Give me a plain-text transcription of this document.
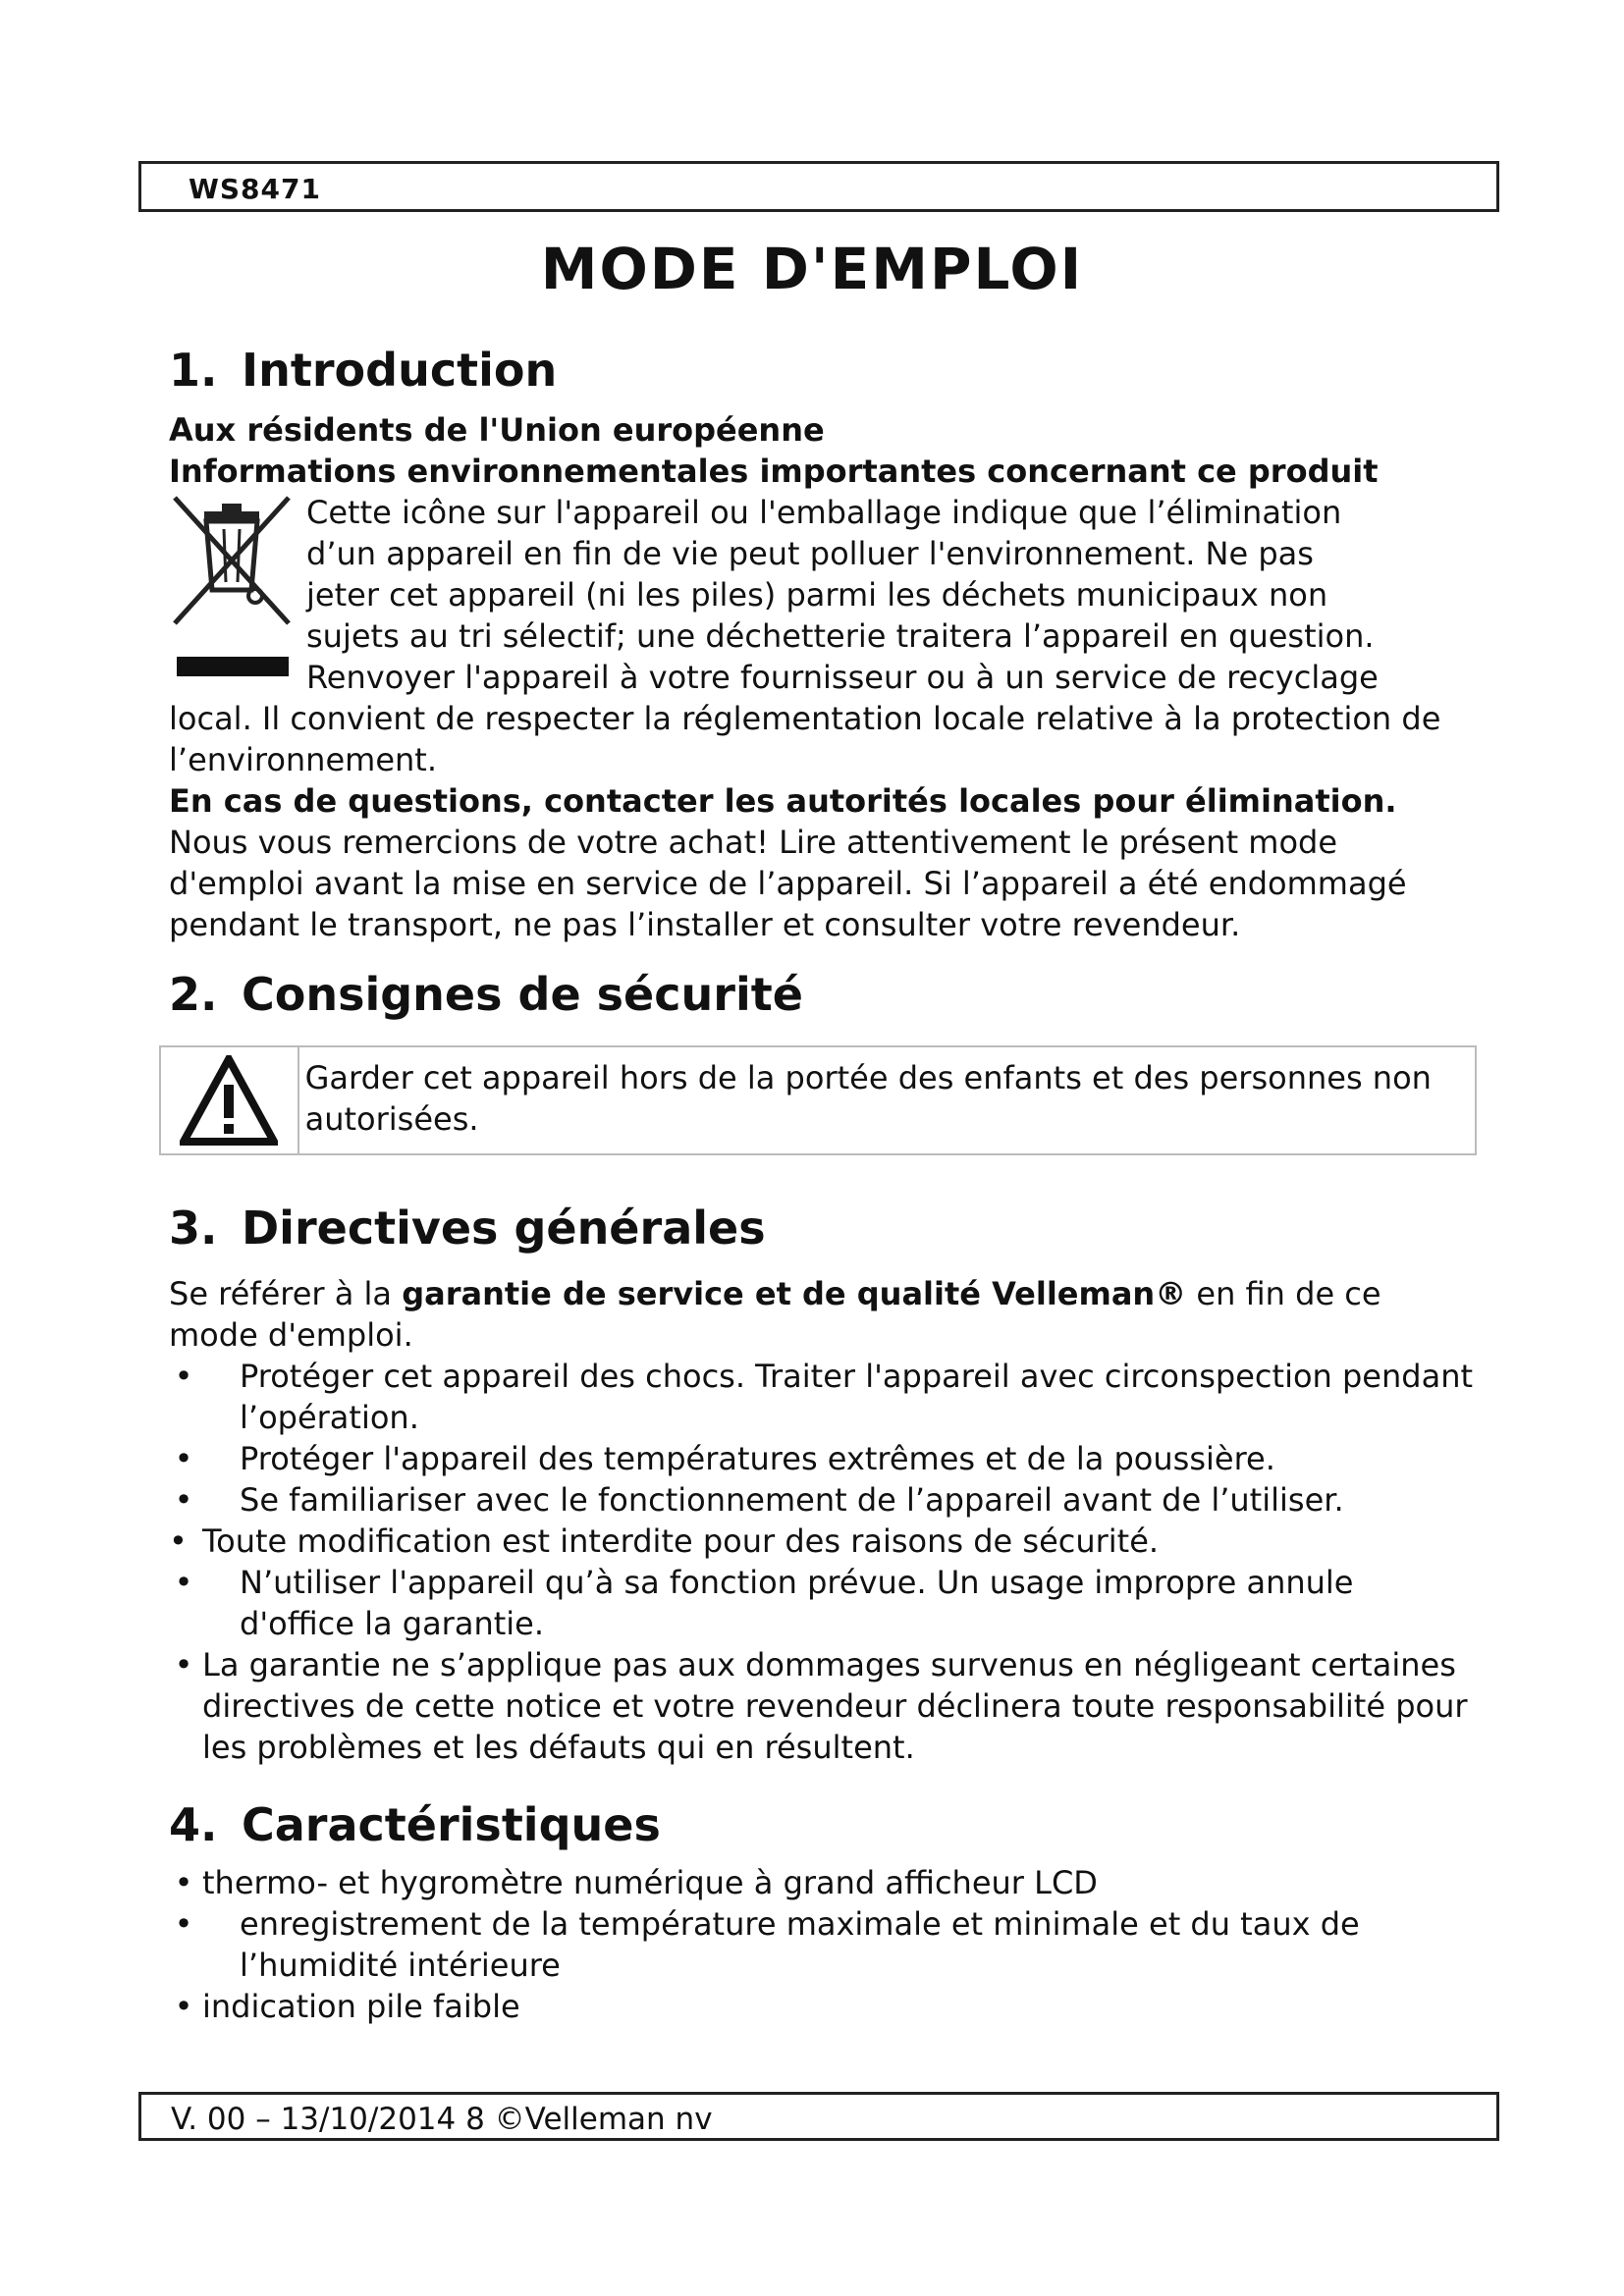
WS8471
MODE D'EMPLOI
1. Introduction

Aux résidents de l'Union européenne

Informations environnementales importantes concernant ce produit

Cette icône sur l'appareil ou l'emballage indique que l’élimination

d’un appareil en fin de vie peut polluer l'environnement. Ne pas

jeter cet appareil (ni les piles) parmi les déchets municipaux non

sujets au tri sélectif; une déchetterie traitera l’appareil en question.

Renvoyer l'appareil à votre fournisseur ou à un service de recyclage

local. Il convient de respecter la réglementation locale relative à la protection de l’environnement.

En cas de questions, contacter les autorités locales pour élimination.

Nous vous remercions de votre achat! Lire attentivement le présent mode d'emploi avant la mise en service de l’appareil. Si l’appareil a été endommagé pendant le transport, ne pas l’installer et consulter votre revendeur.

2. Consignes de sécurité
Garder cet appareil hors de la portée des enfants et des personnes non autorisées.
3. Directives générales

Se référer à la garantie de service et de qualité Velleman® en fin de ce mode d'emploi.

• Protéger cet appareil des chocs. Traiter l'appareil avec circonspection pendant l’opération.
• Protéger l'appareil des températures extrêmes et de la poussière.
• Se familiariser avec le fonctionnement de l’appareil avant de l’utiliser.
• Toute modification est interdite pour des raisons de sécurité.
• N’utiliser l'appareil qu’à sa fonction prévue. Un usage impropre annule d'office la garantie.
• La garantie ne s’applique pas aux dommages survenus en négligeant certaines directives de cette notice et votre revendeur déclinera toute responsabilité pour les problèmes et les défauts qui en résultent.
4. Caractéristiques
• thermo- et hygromètre numérique à grand afficheur LCD
• enregistrement de la température maximale et minimale et du taux de l’humidité intérieure
• indication pile faible
V. 00 – 13/10/2014 8 ©Velleman nv
